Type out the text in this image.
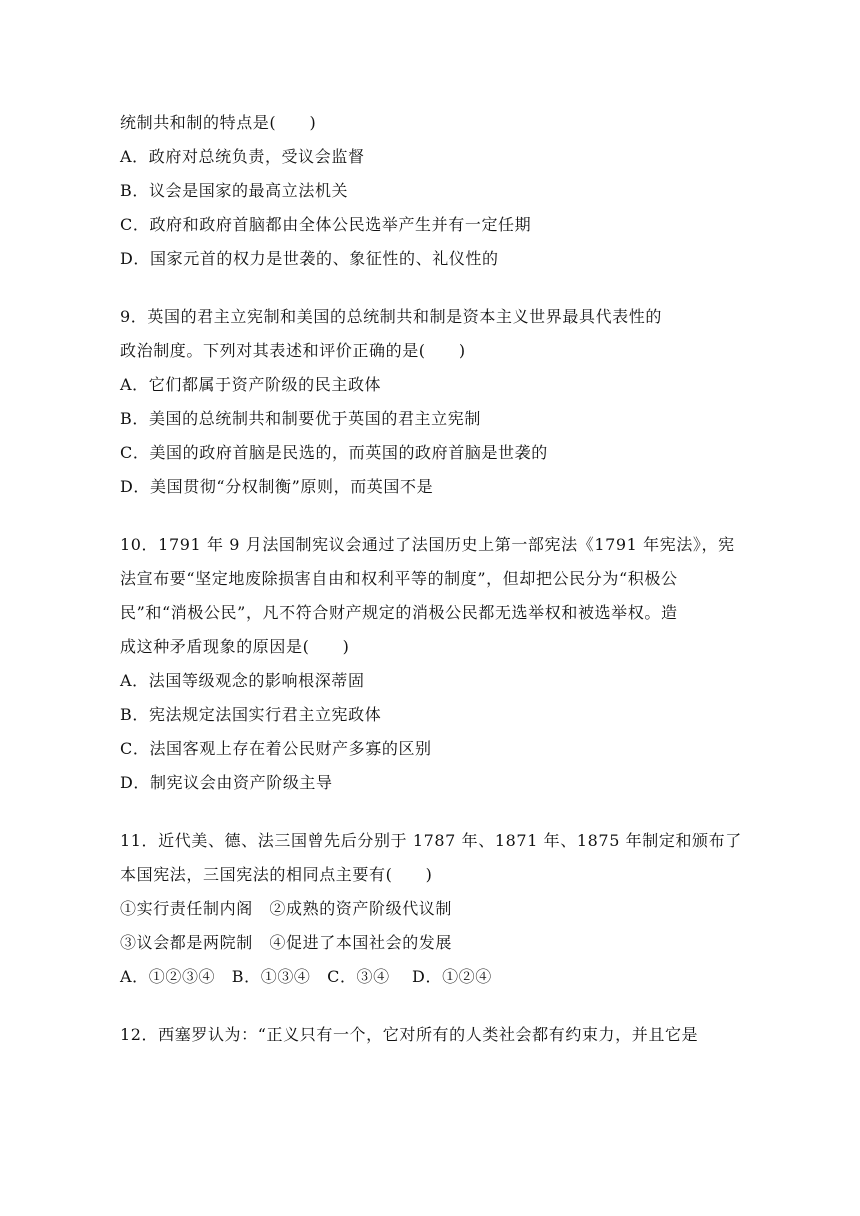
统制共和制的特点是(　　)
A．政府对总统负责，受议会监督
B．议会是国家的最高立法机关
C．政府和政府首脑都由全体公民选举产生并有一定任期
D．国家元首的权力是世袭的、象征性的、礼仪性的
9．英国的君主立宪制和美国的总统制共和制是资本主义世界最具代表性的
政治制度。下列对其表述和评价正确的是(　　)
A．它们都属于资产阶级的民主政体
B．美国的总统制共和制要优于英国的君主立宪制
C．美国的政府首脑是民选的，而英国的政府首脑是世袭的
D．美国贯彻“分权制衡”原则，而英国不是
10．1791 年 9 月法国制宪议会通过了法国历史上第一部宪法《1791 年宪法》，宪
法宣布要“坚定地废除损害自由和权利平等的制度”，但却把公民分为“积极公
民”和“消极公民”，凡不符合财产规定的消极公民都无选举权和被选举权。造
成这种矛盾现象的原因是(　　)
A．法国等级观念的影响根深蒂固
B．宪法规定法国实行君主立宪政体
C．法国客观上存在着公民财产多寡的区别
D．制宪议会由资产阶级主导
11．近代美、德、法三国曾先后分别于 1787 年、1871 年、1875 年制定和颁布了
本国宪法，三国宪法的相同点主要有(　　)
①实行责任制内阁　②成熟的资产阶级代议制
③议会都是两院制　④促进了本国社会的发展
A．①②③④　B．①③④　C．③④　 D．①②④
12．西塞罗认为：“正义只有一个，它对所有的人类社会都有约束力，并且它是
